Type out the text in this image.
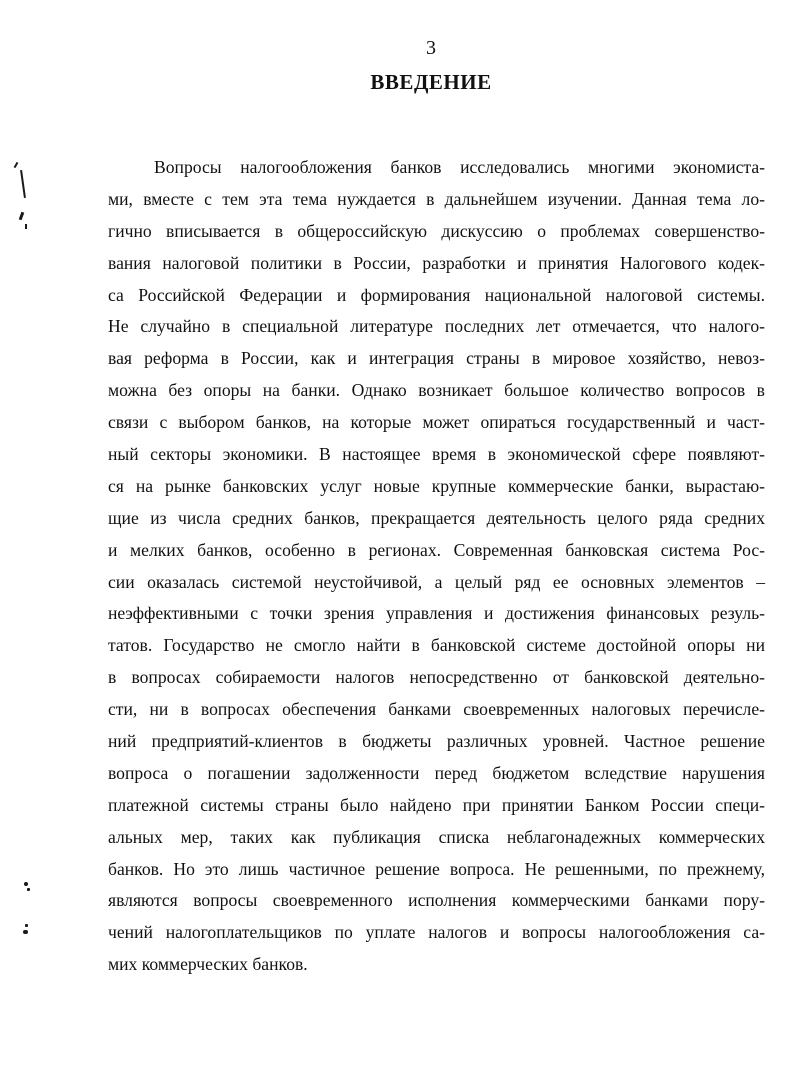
3
ВВЕДЕНИЕ
Вопросы налогообложения банков исследовались многими экономиста-
ми, вместе с тем эта тема нуждается в дальнейшем изучении. Данная тема ло-
гично вписывается в общероссийскую дискуссию о проблемах совершенство-
вания налоговой политики в России, разработки и принятия Налогового кодек-
са Российской Федерации и формирования национальной налоговой системы.
Не случайно в специальной литературе последних лет отмечается, что налого-
вая реформа в России, как и интеграция страны в мировое хозяйство, невоз-
можна без опоры на банки. Однако возникает большое количество вопросов в
связи с выбором банков, на которые может опираться государственный и част-
ный секторы экономики. В настоящее время в экономической сфере появляют-
ся на рынке банковских услуг новые крупные коммерческие банки, вырастаю-
щие из числа средних банков, прекращается деятельность целого ряда средних
и мелких банков, особенно в регионах. Современная банковская система Рос-
сии оказалась системой неустойчивой, а целый ряд ее основных элементов –
неэффективными с точки зрения управления и достижения финансовых резуль-
татов. Государство не смогло найти в банковской системе достойной опоры ни
в вопросах собираемости налогов непосредственно от банковской деятельно-
сти, ни в вопросах обеспечения банками своевременных налоговых перечисле-
ний предприятий-клиентов в бюджеты различных уровней. Частное решение
вопроса о погашении задолженности перед бюджетом вследствие нарушения
платежной системы страны было найдено при принятии Банком России специ-
альных мер, таких как публикация списка неблагонадежных коммерческих
банков. Но это лишь частичное решение вопроса. Не решенными, по прежнему,
являются вопросы своевременного исполнения коммерческими банками пору-
чений налогоплательщиков по уплате налогов и вопросы налогообложения са-
мих коммерческих банков.
